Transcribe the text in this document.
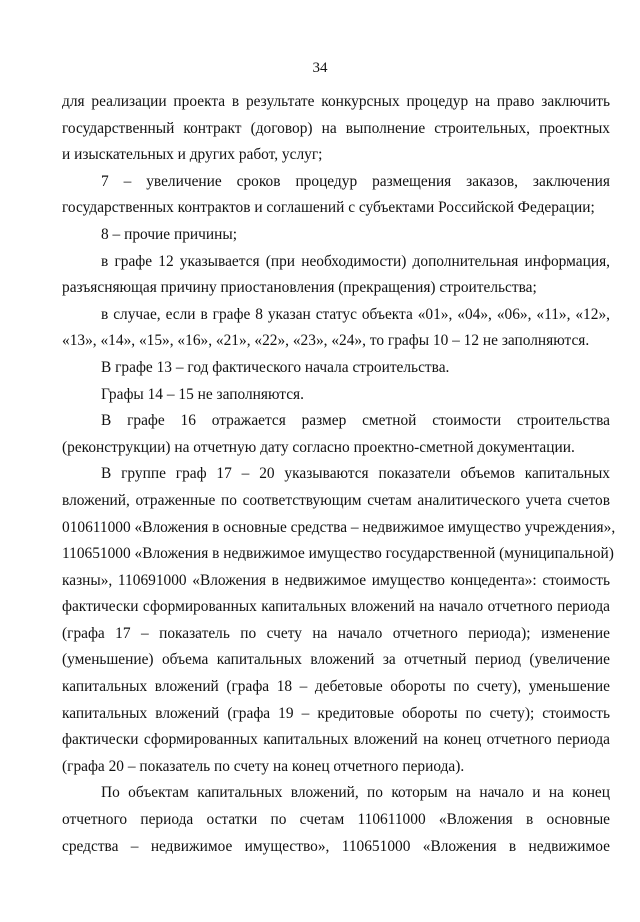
34
для реализации проекта в результате конкурсных процедур на право заключить
государственный контракт (договор) на выполнение строительных, проектных
и изыскательных и других работ, услуг;
7 – увеличение сроков процедур размещения заказов, заключения
государственных контрактов и соглашений с субъектами Российской Федерации;
8 – прочие причины;
в графе 12 указывается (при необходимости) дополнительная информация,
разъясняющая причину приостановления (прекращения) строительства;
в случае, если в графе 8 указан статус объекта «01», «04», «06», «11», «12»,
«13», «14», «15», «16», «21», «22», «23», «24», то графы 10 – 12 не заполняются.
В графе 13 – год фактического начала строительства.
Графы 14 – 15 не заполняются.
В графе 16 отражается размер сметной стоимости строительства
(реконструкции) на отчетную дату согласно проектно-сметной документации.
В группе граф 17 – 20 указываются показатели объемов капитальных
вложений, отраженные по соответствующим счетам аналитического учета счетов
010611000 «Вложения в основные средства – недвижимое имущество учреждения»,
110651000 «Вложения в недвижимое имущество государственной (муниципальной)
казны», 110691000 «Вложения в недвижимое имущество концедента»: стоимость
фактически сформированных капитальных вложений на начало отчетного периода
(графа 17 – показатель по счету на начало отчетного периода); изменение
(уменьшение) объема капитальных вложений за отчетный период (увеличение
капитальных вложений (графа 18 – дебетовые обороты по счету), уменьшение
капитальных вложений (графа 19 – кредитовые обороты по счету); стоимость
фактически сформированных капитальных вложений на конец отчетного периода
(графа 20 – показатель по счету на конец отчетного периода).
По объектам капитальных вложений, по которым на начало и на конец
отчетного периода остатки по счетам 110611000 «Вложения в основные
средства – недвижимое имущество», 110651000 «Вложения в недвижимое
